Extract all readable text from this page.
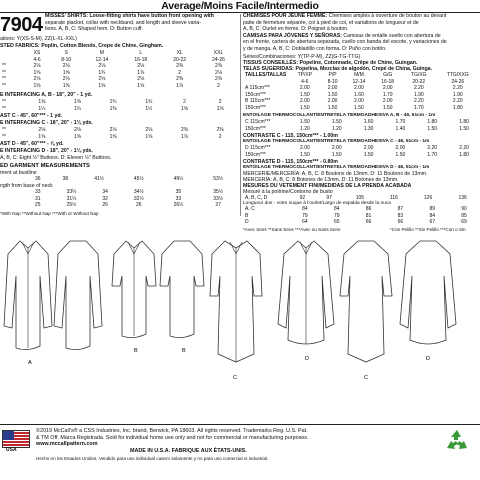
Average/Moins Facile/Intermedio
7904 MISSES' SHIRTS: Loose-fitting shirts have button front opening with
separate placket, collar with neckband, and length and sleeve varia-
tions. A, B, C: Shaped hem. D: Button cuff.
ations: Y(XS-S-M), ZZ(L-XL-XXL)
STED FABRICS: Poplin, Cotton Blends, Crepe de Chine, Gingham.
	XS	S	M	L	XL	XXL
	4-6	8-10	12-14	16-18	20-22	24-26
**	2⅛	2⅛	2⅛	2⅛	2⅜	2⅜
**	1⅝	1⅝	1¾	1⅞	2	2⅛
**	2⅛	2⅛	2⅛	2⅛	2⅜	2⅜
**	1⅝	1⅝	1⅝	1⅝	1⅞	2
E INTERFACING A, B - 18", 20" - 1 yd.
**	1⅝	1⅝	1¾	1¾	2	2
**	1¼	1¼	1⅜	1½	1⅝	1⅝
AST C - 45", 60"*** - 1 yd.
E INTERFACING C - 18", 20" - 1⅛ yds.
**	2⅛	2⅛	2⅛	2⅛	2⅜	2⅜
**	1⅝	1⅝	1⅝	1⅝	1⅞	2
AST D - 45", 60"*** - ⅞ yd.
E INTERFACING D - 18", 20" - 1⅛ yds.
A, B, C: Eight ½" Buttons. D: Eleven ½" Buttons.
ED GARMENT MEASUREMENTS
ment at bustline
	36	38	41½	45½	49½	53½
ngth from base of neck
	33	33¼	34	34½	35	35½
	31	31¼	32	32½	33	33½
	25	25½	26	26	26½	27
*With Nap **Without Nap ***With or Without Nap
CHEMISES POUR JEUNE FEMME: Chemises amples à ouverture de bouton au devant
patte de fermeture séparée, col à pied de col, et variations de longueur et de
A, B, C: Ourlet en forme. D: Poignet à bouton.
CAMISAS PARA JÓVENES Y SEÑORAS: Camisas de entalle suelto con abertura de
en el frente, cartera de abertura separada, cuello con banda del escote, y variaciones de
y de manga. A, B, C: Dobladillo con forma. D: Puño con botón.
Séries/Combinaciones: Y(TP-P-M), ZZ(G-TG-TTG)
TISSUS CONSEILLÉS: Popeline, Cotonnade, Crêpe de Chine, Guingan.
TELAS SUGERIDAS: Popelina, Mezclas de algodón, Crepé de China, Guinga.
TAILLES/TALLAS	TP/XP	P/P	M/M	G/G	TG/XG	TTG/XXG
	4-6	8-10	12-14	16-18	20-22	24-26
A 115cm***	2.00	2.00	2.00	2.00	2.20	2.20
150cm***	1.50	1.50	1.60	1.70	1.90	1.90
B 115cm***	2.00	2.00	2.00	2.00	2.20	2.20
150cm***	1.50	1.50	1.50	1.50	1.70	1.80
ENTOILAGE THERMOCOLLANT/ENTRETELA TERMOADHESIVA A, B - 46, 51cm - 1m
C 115cm***	1.50	1.50	1.60	1.70	1.80	1.80
150cm***	1.20	1.20	1.30	1.40	1.50	1.50
CONTRASTE C - 115, 150cm*** - 1.00m
ENTOILAGE THERMOCOLLANT/ENTRETELA TERMOADHESIVA C - 46, 51cm - 1m
D 115cm***	2.00	2.00	2.00	2.00	2.20	2.20
150cm***	1.50	1.50	1.50	1.50	1.70	1.80
CONTRASTE D - 115, 150cm*** - 0.80m
ENTOILAGE THERMOCOLLANT/ENTRETELA TERMOADHESIVA D - 46, 51cm - 1m
MERCERIE/MERCERÍA: A, B, C: 8 Boutons de 13mm. D: 11 Boutons de 13mm.
MERCERÍA: A, B, C: 8 Botones de 13mm. D: 11 Botones de 13mm.
MESURES DU VETEMENT FINI/MEDIDAS DE LA PRENDA ACABADA
Mesuré à la poitrine/Contorno de busto
A, B, C, D	92	97	105	116	126	136
Longueur dos - votre nuque à l'ourlet/Largo de espalda desde la nuca
A, C	84	84	86	87	89	90
B	79	79	81	83	84	85
D	64	65	66	66	67	69
*Avec Sens **Sans Sens ***Avec ou Sans Sens	*Con Pelillo **Sin Pelillo ***Con o Sin
A
B	B
C	C
D	D
USA
©2019 McCall's® a CSS Industries, Inc. brand, Berwick, PA 18603. All rights reserved. Trademarks Reg. U.S. Pat.
& TM Off. Marca Registrada. Sold for individual home use only and not for commercial or manufacturing purposes.
www.mccallpattern.com
MADE IN U.S.A. FABRIQUE AUX ÉTATS-UNIS.
Hecho en los Estados Unidos. Vendido para uso individual casero solamente y no para uso comercial ni industrial.
